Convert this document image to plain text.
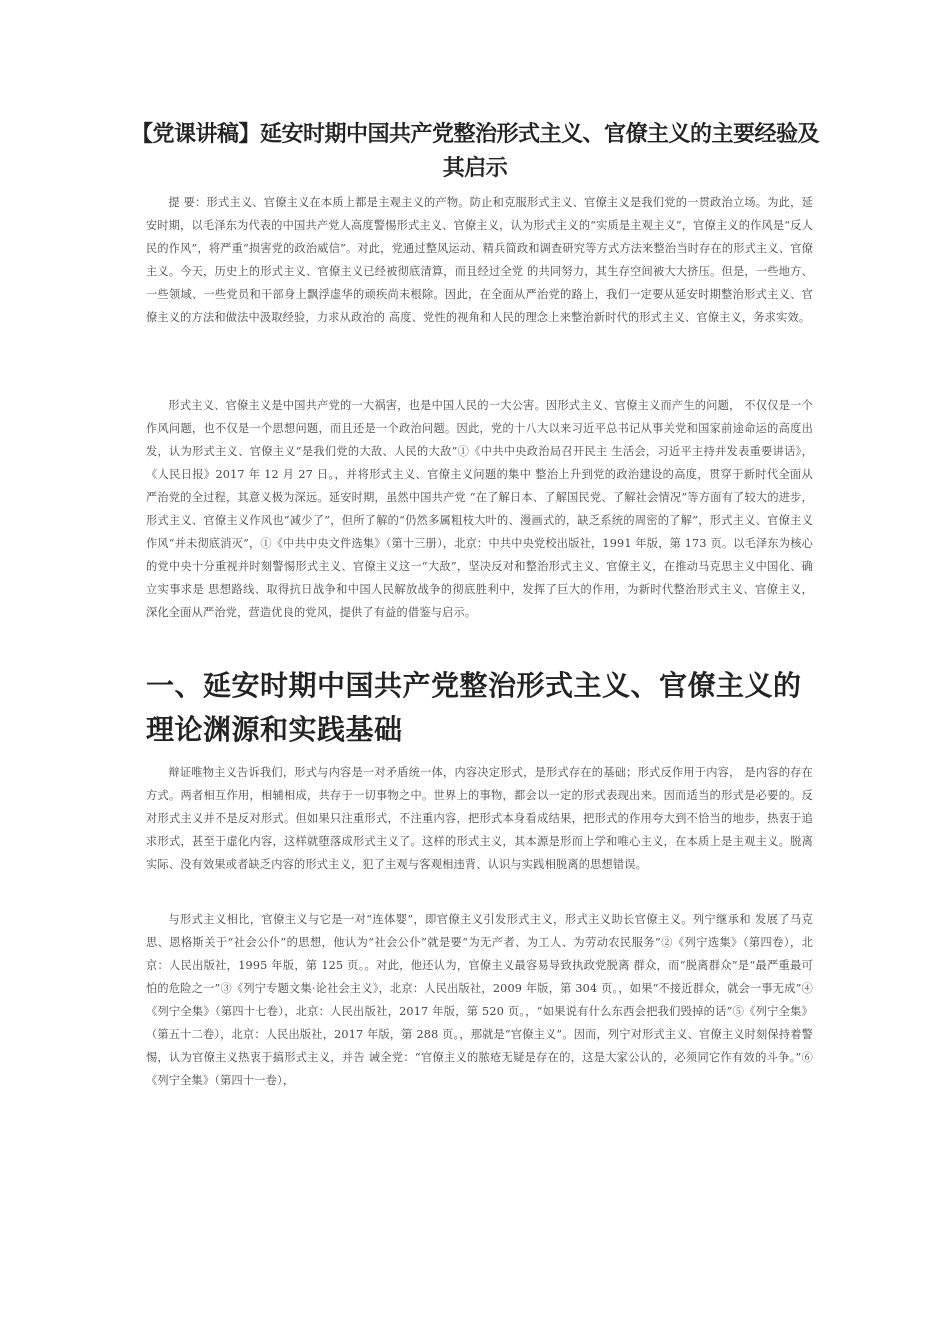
【党课讲稿】延安时期中国共产党整治形式主义、官僚主义的主要经验及其启示
提 要：形式主义、官僚主义在本质上都是主观主义的产物。防止和克服形式主义、官僚主义是我们党的一贯政治立场。为此，延安时期，以毛泽东为代表的中国共产党人高度警惕形式主义、官僚主义，认为形式主义的“实质是主观主义”，官僚主义的作风是“反人民的作风”，将严重“损害党的政治威信”。对此，党通过整风运动、精兵简政和调查研究等方式方法来整治当时存在的形式主义、官僚主义。今天，历史上的形式主义、官僚主义已经被彻底清算，而且经过全党 的共同努力，其生存空间被大大挤压。但是，一些地方、一些领域、一些党员和干部身上飘浮虚华的顽疾尚未根除。因此，在全面从严治党的路上，我们一定要从延安时期整治形式主义、官僚主义的方法和做法中汲取经验，力求从政治的 高度、党性的视角和人民的理念上来整治新时代的形式主义、官僚主义，务求实效。
形式主义、官僚主义是中国共产党的一大祸害，也是中国人民的一大公害。因形式主义、官僚主义而产生的问题， 不仅仅是一个作风问题，也不仅是一个思想问题，而且还是一个政治问题。因此，党的十八大以来习近平总书记从事关党和国家前途命运的高度出发，认为形式主义、官僚主义“是我们党的大敌、人民的大敌”①《中共中央政治局召开民主 生活会，习近平主持并发表重要讲话》，《人民日报》2017 年 12 月 27 日。，并将形式主义、官僚主义问题的集中 整治上升到党的政治建设的高度，贯穿于新时代全面从严治党的全过程，其意义极为深远。延安时期，虽然中国共产党 “在了解日本、了解国民党、了解社会情况”等方面有了较大的进步，形式主义、官僚主义作风也“减少了”，但所了解的“仍然多属粗枝大叶的、漫画式的，缺乏系统的周密的了解”，形式主义、官僚主义作风“并未彻底消灭”，①《中共中央文件选集》（第十三册），北京：中共中央党校出版社，1991 年版，第 173 页。以毛泽东为核心的党中央十分重视并时刻警惕形式主义、官僚主义这一“大敌”，坚决反对和整治形式主义、官僚主义，在推动马克思主义中国化、确立实事求是 思想路线、取得抗日战争和中国人民解放战争的彻底胜利中，发挥了巨大的作用，为新时代整治形式主义、官僚主义， 深化全面从严治党，营造优良的党风，提供了有益的借鉴与启示。
一、延安时期中国共产党整治形式主义、官僚主义的理论渊源和实践基础
辩证唯物主义告诉我们，形式与内容是一对矛盾统一体，内容决定形式，是形式存在的基础；形式反作用于内容， 是内容的存在方式。两者相互作用，相辅相成，共存于一切事物之中。世界上的事物，都会以一定的形式表现出来。因而适当的形式是必要的。反对形式主义并不是反对形式。但如果只注重形式，不注重内容，把形式本身看成结果，把形式的作用夸大到不恰当的地步，热衷于追求形式，甚至于虚化内容，这样就堕落成形式主义了。这样的形式主义，其本源是形而上学和唯心主义，在本质上是主观主义。脱离实际、没有效果或者缺乏内容的形式主义，犯了主观与客观相违背、认识与实践相脱离的思想错误。
与形式主义相比，官僚主义与它是一对“连体婴”，即官僚主义引发形式主义，形式主义助长官僚主义。列宁继承和 发展了马克思、恩格斯关于“社会公仆”的思想，他认为“社会公仆”就是要“为无产者、为工人、为劳动农民服务”②《列宁选集》（第四卷），北京：人民出版社，1995 年版，第 125 页。。对此，他还认为，官僚主义最容易导致执政党脱离 群众，而“脱离群众”是“最严重最可怕的危险之一”③《列宁专题文集·论社会主义》，北京：人民出版社，2009 年版，第 304 页。，如果“不接近群众，就会一事无成”④《列宁全集》（第四十七卷），北京：人民出版社，2017 年版，第 520 页。，“如果说有什么东西会把我们毁掉的话”⑤《列宁全集》（第五十二卷），北京：人民出版社，2017 年版，第 288 页。，那就是“官僚主义”。因而，列宁对形式主义、官僚主义时刻保持着警惕，认为官僚主义热衷于搞形式主义，并告 诫全党：“官僚主义的脓疮无疑是存在的，这是大家公认的，必须同它作有效的斗争。”⑥《列宁全集》（第四十一卷），
